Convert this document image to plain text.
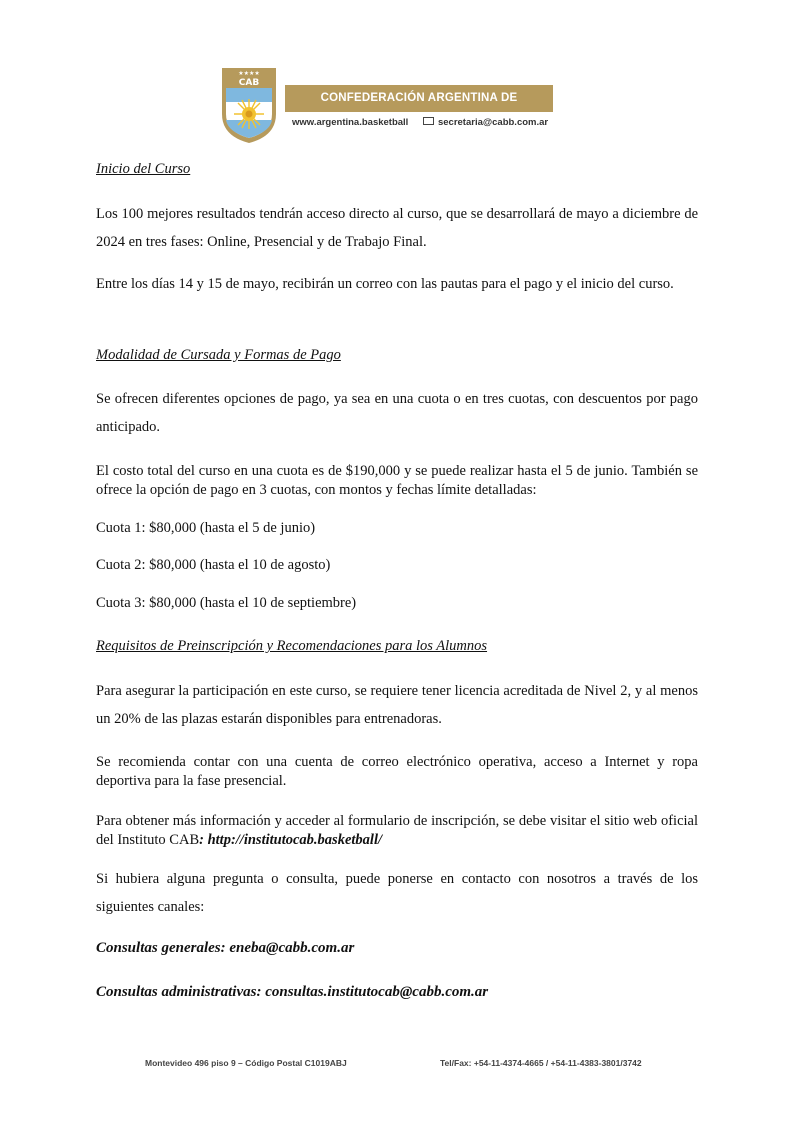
★★★★
CAB
CONFEDERACIÓN ARGENTINA DE BÁSQUETBOL
www.argentina.basketball	secretaria@cabb.com.ar
Inicio del Curso
Los 100 mejores resultados tendrán acceso directo al curso, que se desarrollará de mayo a diciembre de 2024 en tres fases: Online, Presencial y de Trabajo Final.
Entre los días 14 y 15 de mayo, recibirán un correo con las pautas para el pago y el inicio del curso.
Modalidad de Cursada y Formas de Pago
Se ofrecen diferentes opciones de pago, ya sea en una cuota o en tres cuotas, con descuentos por pago anticipado.
El costo total del curso en una cuota es de $190,000 y se puede realizar hasta el 5 de junio. También se ofrece la opción de pago en 3 cuotas, con montos y fechas límite detalladas:
Cuota 1: $80,000 (hasta el 5 de junio)
Cuota 2: $80,000 (hasta el 10 de agosto)
Cuota 3: $80,000 (hasta el 10 de septiembre)
Requisitos de Preinscripción y Recomendaciones para los Alumnos
Para asegurar la participación en este curso, se requiere tener licencia acreditada de Nivel 2, y al menos un 20% de las plazas estarán disponibles para entrenadoras.
Se recomienda contar con una cuenta de correo electrónico operativa, acceso a Internet y ropa deportiva para la fase presencial.
Para obtener más información y acceder al formulario de inscripción, se debe visitar el sitio web oficial del Instituto CAB: http://institutocab.basketball/
Si hubiera alguna pregunta o consulta, puede ponerse en contacto con nosotros a través de los siguientes canales:
Consultas generales: eneba@cabb.com.ar
Consultas administrativas: consultas.institutocab@cabb.com.ar
Montevideo 496 piso 9 – Código Postal C1019ABJ	Tel/Fax: +54-11-4374-4665 / +54-11-4383-3801/3742
